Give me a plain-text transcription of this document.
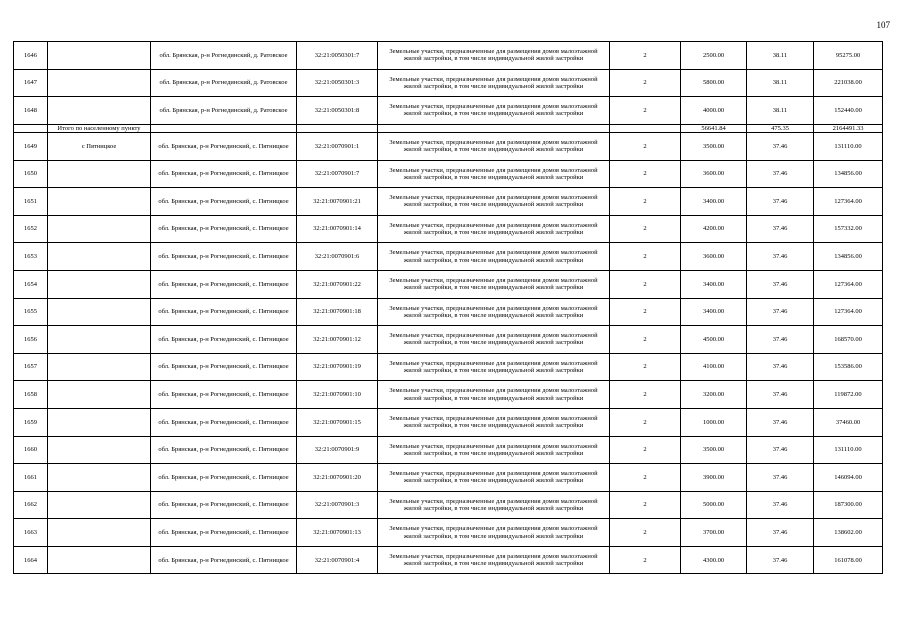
107
1646		обл. Брянская, р-н Рогнединский, д. Ратовское	32:21:0050301:7	Земельные участки, предназначенные для размещения домов малоэтажной жилой застройки, в том числе индивидуальной жилой застройки	2	2500.00	38.11	95275.00
1647		обл. Брянская, р-н Рогнединский, д. Ратовское	32:21:0050301:3	Земельные участки, предназначенные для размещения домов малоэтажной жилой застройки, в том числе индивидуальной жилой застройки	2	5800.00	38.11	221038.00
1648		обл. Брянская, р-н Рогнединский, д. Ратовское	32:21:0050301:8	Земельные участки, предназначенные для размещения домов малоэтажной жилой застройки, в том числе индивидуальной жилой застройки	2	4000.00	38.11	152440.00
	Итого по населенному пункту					56641.84	475.35	2164491.33
1649	с Пятницкое	обл. Брянская, р-н Рогнединский, с. Пятницкое	32:21:0070901:1	Земельные участки, предназначенные для размещения домов малоэтажной жилой застройки, в том числе индивидуальной жилой застройки	2	3500.00	37.46	131110.00
1650		обл. Брянская, р-н Рогнединский, с. Пятницкое	32:21:0070901:7	Земельные участки, предназначенные для размещения домов малоэтажной жилой застройки, в том числе индивидуальной жилой застройки	2	3600.00	37.46	134856.00
1651		обл. Брянская, р-н Рогнединский, с. Пятницкое	32:21:0070901:21	Земельные участки, предназначенные для размещения домов малоэтажной жилой застройки, в том числе индивидуальной жилой застройки	2	3400.00	37.46	127364.00
1652		обл. Брянская, р-н Рогнединский, с. Пятницкое	32:21:0070901:14	Земельные участки, предназначенные для размещения домов малоэтажной жилой застройки, в том числе индивидуальной жилой застройки	2	4200.00	37.46	157332.00
1653		обл. Брянская, р-н Рогнединский, с. Пятницкое	32:21:0070901:6	Земельные участки, предназначенные для размещения домов малоэтажной жилой застройки, в том числе индивидуальной жилой застройки	2	3600.00	37.46	134856.00
1654		обл. Брянская, р-н Рогнединский, с. Пятницкое	32:21:0070901:22	Земельные участки, предназначенные для размещения домов малоэтажной жилой застройки, в том числе индивидуальной жилой застройки	2	3400.00	37.46	127364.00
1655		обл. Брянская, р-н Рогнединский, с. Пятницкое	32:21:0070901:18	Земельные участки, предназначенные для размещения домов малоэтажной жилой застройки, в том числе индивидуальной жилой застройки	2	3400.00	37.46	127364.00
1656		обл. Брянская, р-н Рогнединский, с. Пятницкое	32:21:0070901:12	Земельные участки, предназначенные для размещения домов малоэтажной жилой застройки, в том числе индивидуальной жилой застройки	2	4500.00	37.46	168570.00
1657		обл. Брянская, р-н Рогнединский, с. Пятницкое	32:21:0070901:19	Земельные участки, предназначенные для размещения домов малоэтажной жилой застройки, в том числе индивидуальной жилой застройки	2	4100.00	37.46	153586.00
1658		обл. Брянская, р-н Рогнединский, с. Пятницкое	32:21:0070901:10	Земельные участки, предназначенные для размещения домов малоэтажной жилой застройки, в том числе индивидуальной жилой застройки	2	3200.00	37.46	119872.00
1659		обл. Брянская, р-н Рогнединский, с. Пятницкое	32:21:0070901:15	Земельные участки, предназначенные для размещения домов малоэтажной жилой застройки, в том числе индивидуальной жилой застройки	2	1000.00	37.46	37460.00
1660		обл. Брянская, р-н Рогнединский, с. Пятницкое	32:21:0070901:9	Земельные участки, предназначенные для размещения домов малоэтажной жилой застройки, в том числе индивидуальной жилой застройки	2	3500.00	37.46	131110.00
1661		обл. Брянская, р-н Рогнединский, с. Пятницкое	32:21:0070901:20	Земельные участки, предназначенные для размещения домов малоэтажной жилой застройки, в том числе индивидуальной жилой застройки	2	3900.00	37.46	146094.00
1662		обл. Брянская, р-н Рогнединский, с. Пятницкое	32:21:0070901:3	Земельные участки, предназначенные для размещения домов малоэтажной жилой застройки, в том числе индивидуальной жилой застройки	2	5000.00	37.46	187300.00
1663		обл. Брянская, р-н Рогнединский, с. Пятницкое	32:21:0070901:13	Земельные участки, предназначенные для размещения домов малоэтажной жилой застройки, в том числе индивидуальной жилой застройки	2	3700.00	37.46	138602.00
1664		обл. Брянская, р-н Рогнединский, с. Пятницкое	32:21:0070901:4	Земельные участки, предназначенные для размещения домов малоэтажной жилой застройки, в том числе индивидуальной жилой застройки	2	4300.00	37.46	161078.00
